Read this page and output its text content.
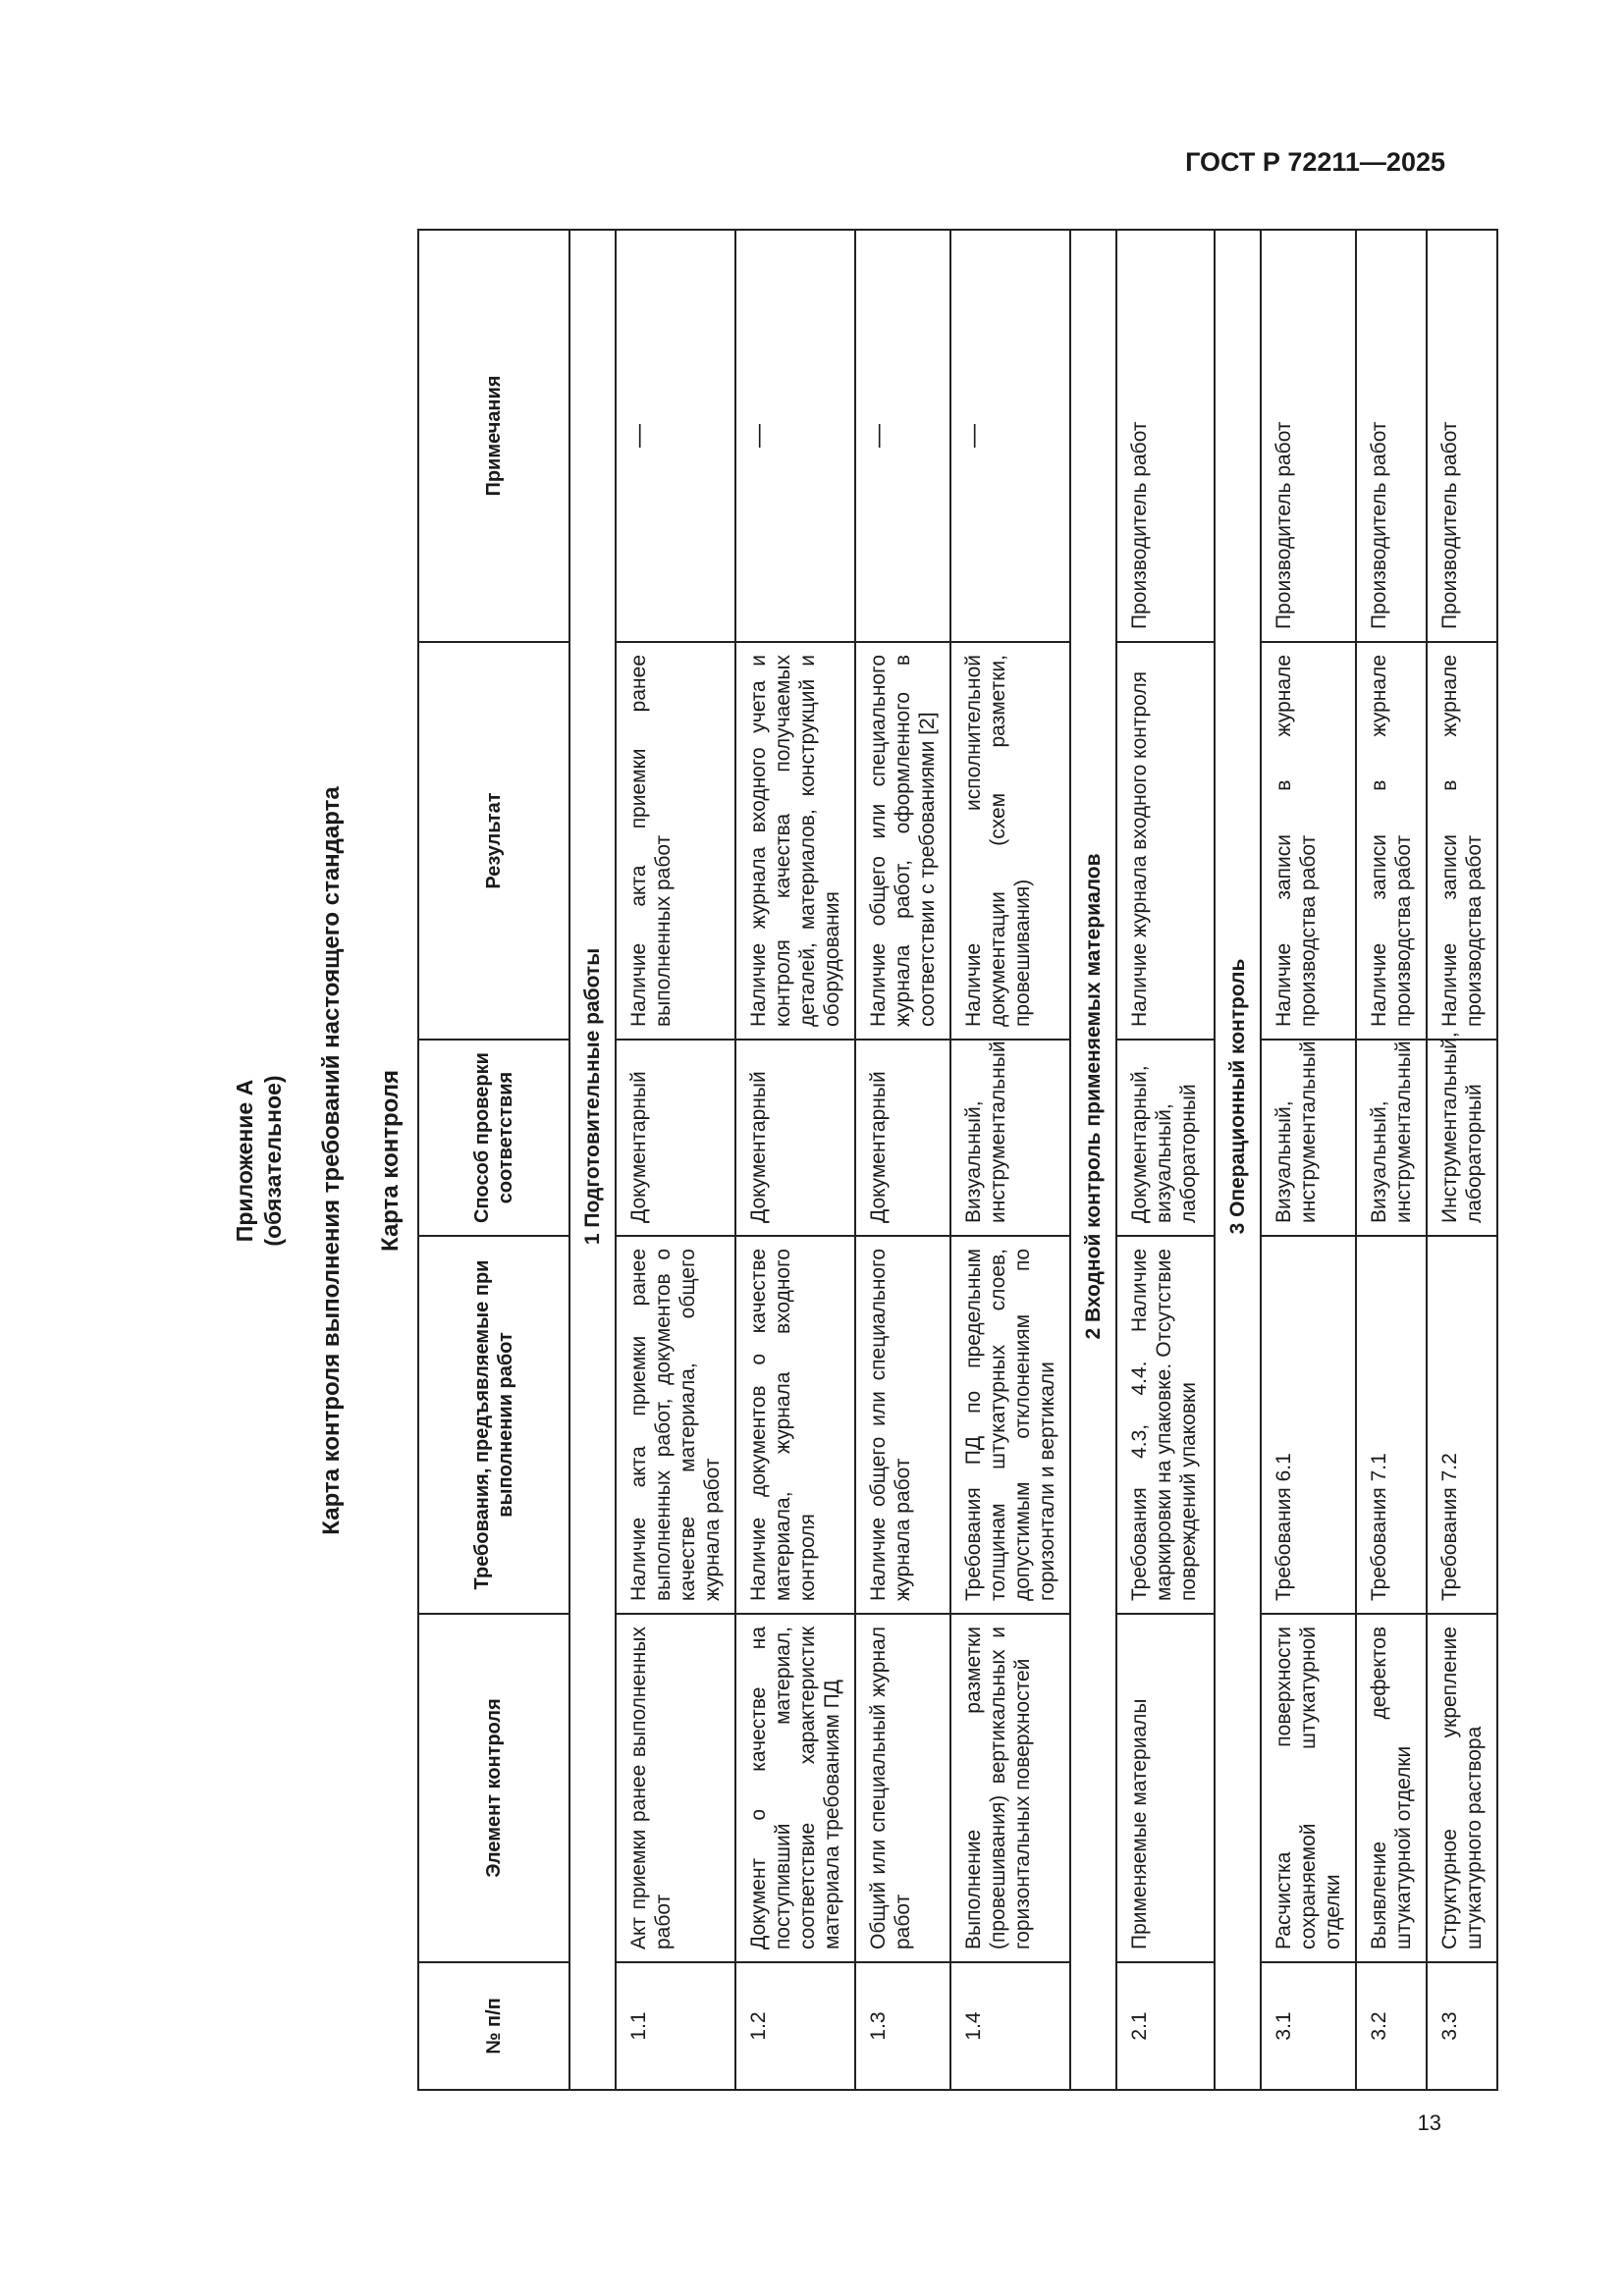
ГОСТ Р 72211—2025
13
Приложение А (обязательное) Карта контроля выполнения требований настоящего стандарта Карта контроля
№ п/п	Элемент контроля	Требования, предъявляемые при выполнении работ	Способ проверки соответствия	Результат	Примечания
	1 Подготовительные работы				
1.1	Акт приемки ранее выполненных работ	Наличие акта приемки ранее выполненных работ, документов о качестве материала, общего журнала работ	Документарный	Наличие акта приемки ранее выполненных работ	—
1.2	Документ о качестве на поступивший материал, соответствие характеристик материала требованиям ПД	Наличие документов о качестве материала, журнала входного контроля	Документарный	Наличие журнала входного учета и контроля качества получаемых деталей, материалов, конструкций и оборудования	—
1.3	Общий или специальный журнал работ	Наличие общего или специального журнала работ	Документарный	Наличие общего или специального журнала работ, оформленного в соответствии с требованиями [2]	—
1.4	Выполнение разметки (провешивания) вертикальных и горизонтальных поверхностей	Требования ПД по предельным толщинам штукатурных слоев, допустимым отклонениям по горизонтали и вертикали	Визуальный, инструментальный	Наличие исполнительной документации (схем разметки, провешивания)	—
	2 Входной контроль применяемых материалов				
2.1	Применяемые материалы	Требования 4.3, 4.4. Наличие маркировки на упаковке. Отсутствие повреждений упаковки	Документарный, визуальный, лабораторный	Наличие журнала входного контроля	Производитель работ
	3 Операционный контроль				
3.1	Расчистка поверхности сохраняемой штукатурной отделки	Требования 6.1	Визуальный, инструментальный	Наличие записи в журнале производства работ	Производитель работ
3.2	Выявление дефектов штукатурной отделки	Требования 7.1	Визуальный, инструментальный	Наличие записи в журнале производства работ	Производитель работ
3.3	Структурное укрепление штукатурного раствора	Требования 7.2	Инструментальный, лабораторный	Наличие записи в журнале производства работ	Производитель работ
